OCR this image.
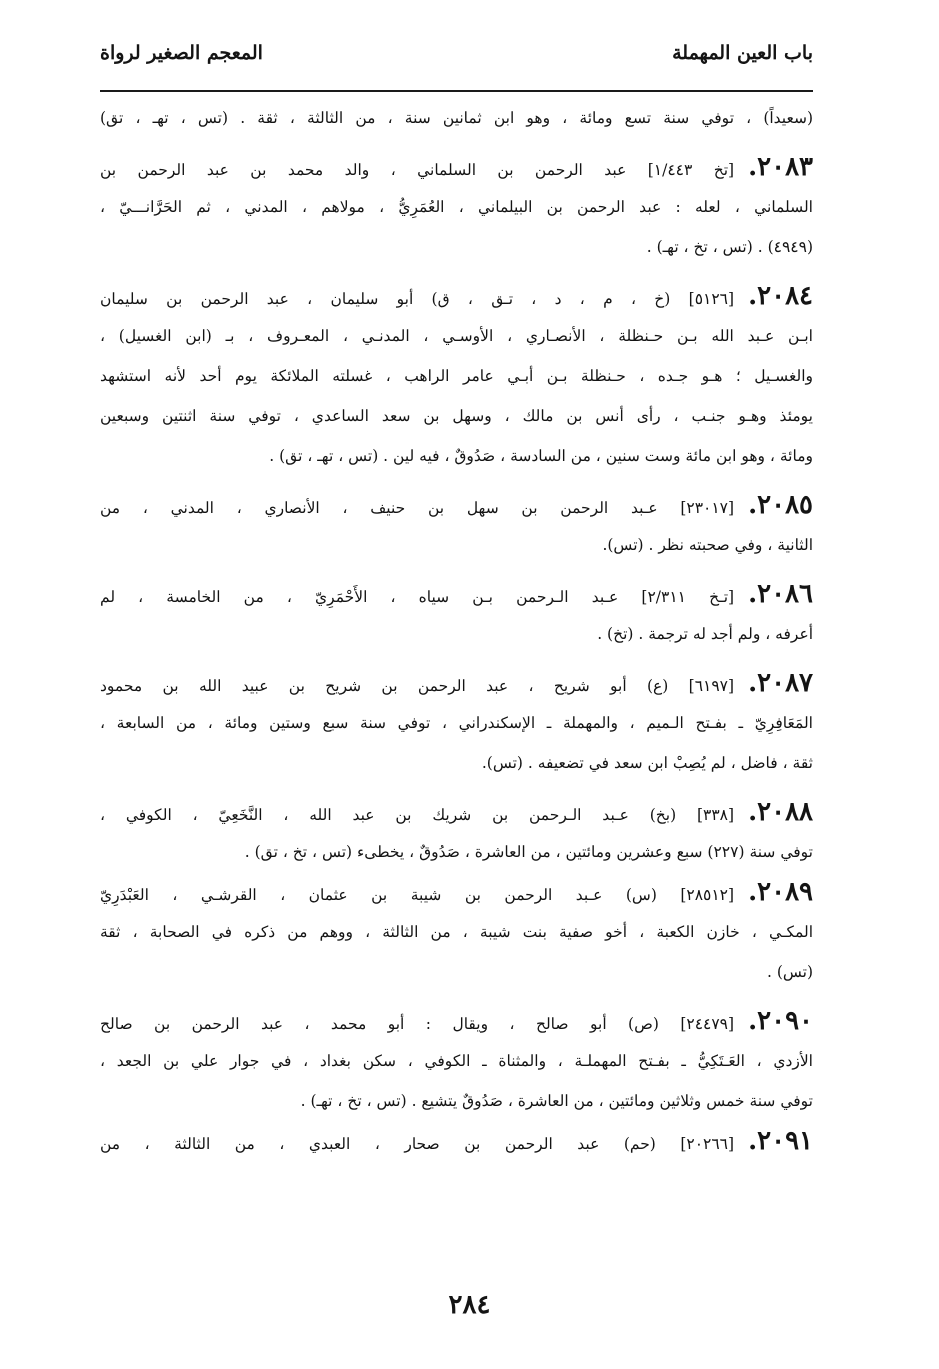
باب العين المهملة
المعجم الصغير لرواة

(سعيداً) ، توفي سنة تسع ومائة ، وهو ابن ثمانين سنة ، من الثالثة ، ثقة . (تس ، تهـ ، تق)

٢٠٨٣.[تخ ١/٤٤٣] عبد الرحمن بن السلماني ، والد محمد بن عبد الرحمن بن
السلماني ، لعله : عبد الرحمن بن البيلماني ، العُمَرِيُّ ، مولاهم ، المدني ، ثم الحَرَّانـــيّ ،
(٤٩٤٩) . (تس ، تخ ، تهـ) .

٢٠٨٤.[٥١٢٦] (خ ، م ، د ، تـق ، ق) أبو سليمان ، عبد الرحمن بن سليمان
ابـن عـبد الله بـن حـنظلة ، الأنصـاري ، الأوسـي ، المدنـي ، المعـروف ، بـ (ابن الغسيل) ،
والغسـيل ؛ هـو جـده ، حـنظلة بـن أبـي عامر الراهب ، غسلته الملائكة يوم أحد لأنه استشهد
يومئذ وهـو جنـب ، رأى أنس بن مالك ، وسهل بن سعد الساعدي ، توفي سنة اثنتين وسبعين
ومائة ، وهو ابن مائة وست سنين ، من السادسة ، صَدُوقٌ ، فيه لين . (تس ، تهـ ، تق) .

٢٠٨٥.[٢٣٠١٧] عـبد الرحمن بن سهل بن حنيف ، الأنصاري ، المدني ، من
الثانية ، وفي صحبته نظر . (تس).

٢٠٨٦.[تـخ ٢/٣١١] عـبد الـرحمن بـن سياه ، الأَحْمَرِيّ ، من الخامسة ، لم
أعرفه ، ولم أجد له ترجمة . (تخ) .

٢٠٨٧.[٦١٩٧] (ع) أبو شريح ، عبد الرحمن بن شريح بن عبيد الله بن محمود
المَعَافِرِيّ ـ بفـتح الـميم ، والمهملة ـ الإسكندراني ، توفي سنة سبع وستين ومائة ، من السابعة ،
ثقة ، فاضل ، لم يُصِبْ ابن سعد في تضعيفه . (تس).

٢٠٨٨.[٣٣٨] (بخ) عـبد الـرحمن بن شريك بن عبد الله ، النَّخَعِيّ ، الكوفي ،
توفي سنة (٢٢٧) سبع وعشرين ومائتين ، من العاشرة ، صَدُوقٌ ، يخطىء (تس ، تخ ، تق) .

٢٠٨٩.[٢٨٥١٢] (س) عـبد الرحمن بن شيبة بن عثمان ، القرشـي ، العَبْدَرِيّ
المكـي ، خازن الكعبة ، أخو صفية بنت شيبة ، من الثالثة ، ووهم من ذكره في الصحابة ، ثقة
(تس) .

٢٠٩٠.[٢٤٤٧٩] (ص) أبو صالح ، ويقال : أبو محمد ، عبد الرحمن بن صالح
الأزدي ، العَـتَكِيُّ ـ بفـتح المهملـة ، والمثناة ـ الكوفي ، سكن بغداد ، في جوار علي بن الجعد ،
توفي سنة خمس وثلاثين ومائتين ، من العاشرة ، صَدُوقٌ يتشيع . (تس ، تخ ، تهـ) .

٢٠٩١.[٢٠٢٦٦] (حم) عبد الرحمن بن صحار ، العبدي ، من الثالثة ، من

٢٨٤
